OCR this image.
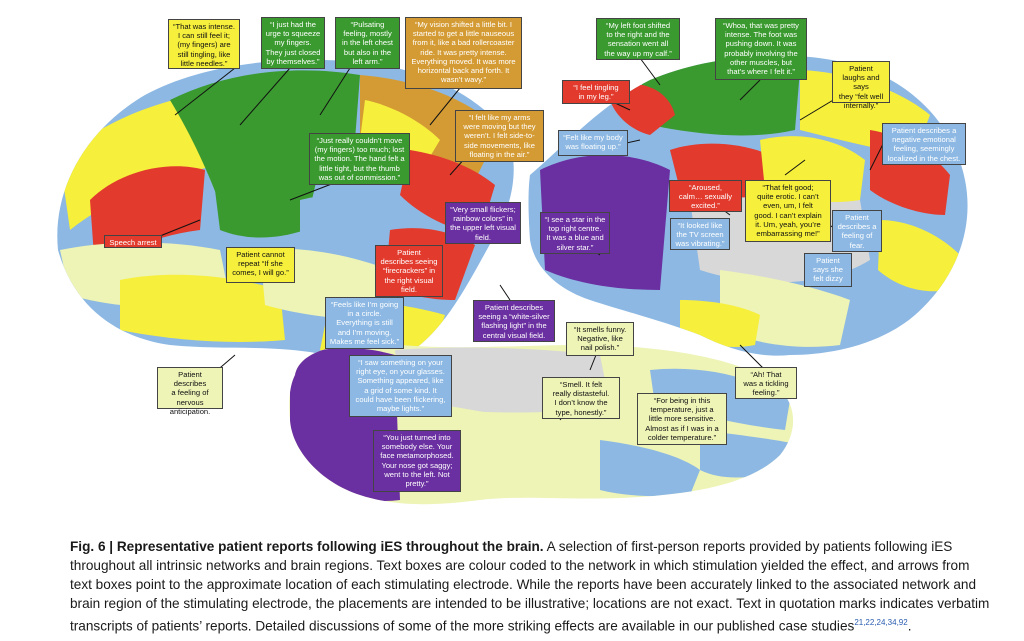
“That was intense.
I can still feel it;
(my fingers) are
still tingling, like
little needles.”
“I just had the
urge to squeeze
my fingers.
They just closed
by themselves.”
“Pulsating
feeling, mostly
in the left chest
but also in the
left arm.”
“My vision shifted a little bit. I
started to get a little nauseous
from it, like a bad rollercoaster
ride. It was pretty intense.
Everything moved. It was more
horizontal back and forth. It
wasn’t wavy.”
“My left foot shifted
to the right and the
sensation went all
the way up my calf.”
“Whoa, that was pretty
intense. The foot was
pushing down. It was
probably involving the
other muscles, but
that’s where I felt it.”	Patient
laughs and says
they “felt well
internally.”
“I feel tingling
in my leg.”
“Just really couldn’t move
(my fingers) too much; lost
the motion. The hand felt a
little tight, but the thumb
was out of commission.”
“I felt like my arms
were moving but they
weren’t. I felt side-to-
side movements, like
floating in the air.”
“Felt like my body
was floating up.”
Patient describes a
negative emotional
feeling, seemingly
localized in the chest.
“Aroused,
calm… sexually
excited.”
“That felt good;
quite erotic. I can’t
even, um, I felt
good. I can’t explain
it. Um, yeah, you’re
embarrassing me!”
“Very small flickers;
rainbow colors” in
the upper left visual
field.
“I see a star in the
top right centre.
It was a blue and
silver star.”
“It looked like
the TV screen
was vibrating.”
Patient
describes a
feeling of
fear.
Speech arrest
Patient cannot
repeat “If she
comes, I will go.”
Patient
describes seeing
“firecrackers” in
the right visual
field.
Patient
says she
felt dizzy
Patient describes
seeing a “white-silver
flashing light” in the
central visual field.
“Feels like I’m going
in a circle.
Everything is still
and I’m moving.
Makes me feel sick.”
“It smells funny.
Negative, like
nail polish.”
“I saw something on your
right eye, on your glasses.
Something appeared, like
a grid of some kind. It
could have been flickering,
maybe lights.”
“Ah! That
was a tickling
feeling.”
Patient describes
a feeling of
nervous
anticipation.
“Smell. It felt
really distasteful.
I don’t know the
type, honestly.”
“For being in this
temperature, just a
little more sensitive.
Almost as if I was in a
colder temperature.”
“You just turned into
somebody else. Your
face metamorphosed.
Your nose got saggy;
went to the left. Not
pretty.”
Fig. 6 | Representative patient reports following iES throughout the brain. A selection of first-person reports provided by patients following iES throughout all intrinsic networks and brain regions. Text boxes are colour coded to the network in which stimulation yielded the effect, and arrows from text boxes point to the approximate location of each stimulating electrode. While the reports have been accurately linked to the associated network and brain region of the stimulating electrode, the placements are intended to be illustrative; locations are not exact. Text in quotation marks indicates verbatim transcripts of patients’ reports. Detailed discussions of some of the more striking effects are available in our published case studies$^{21,22,24,34,92}$.
